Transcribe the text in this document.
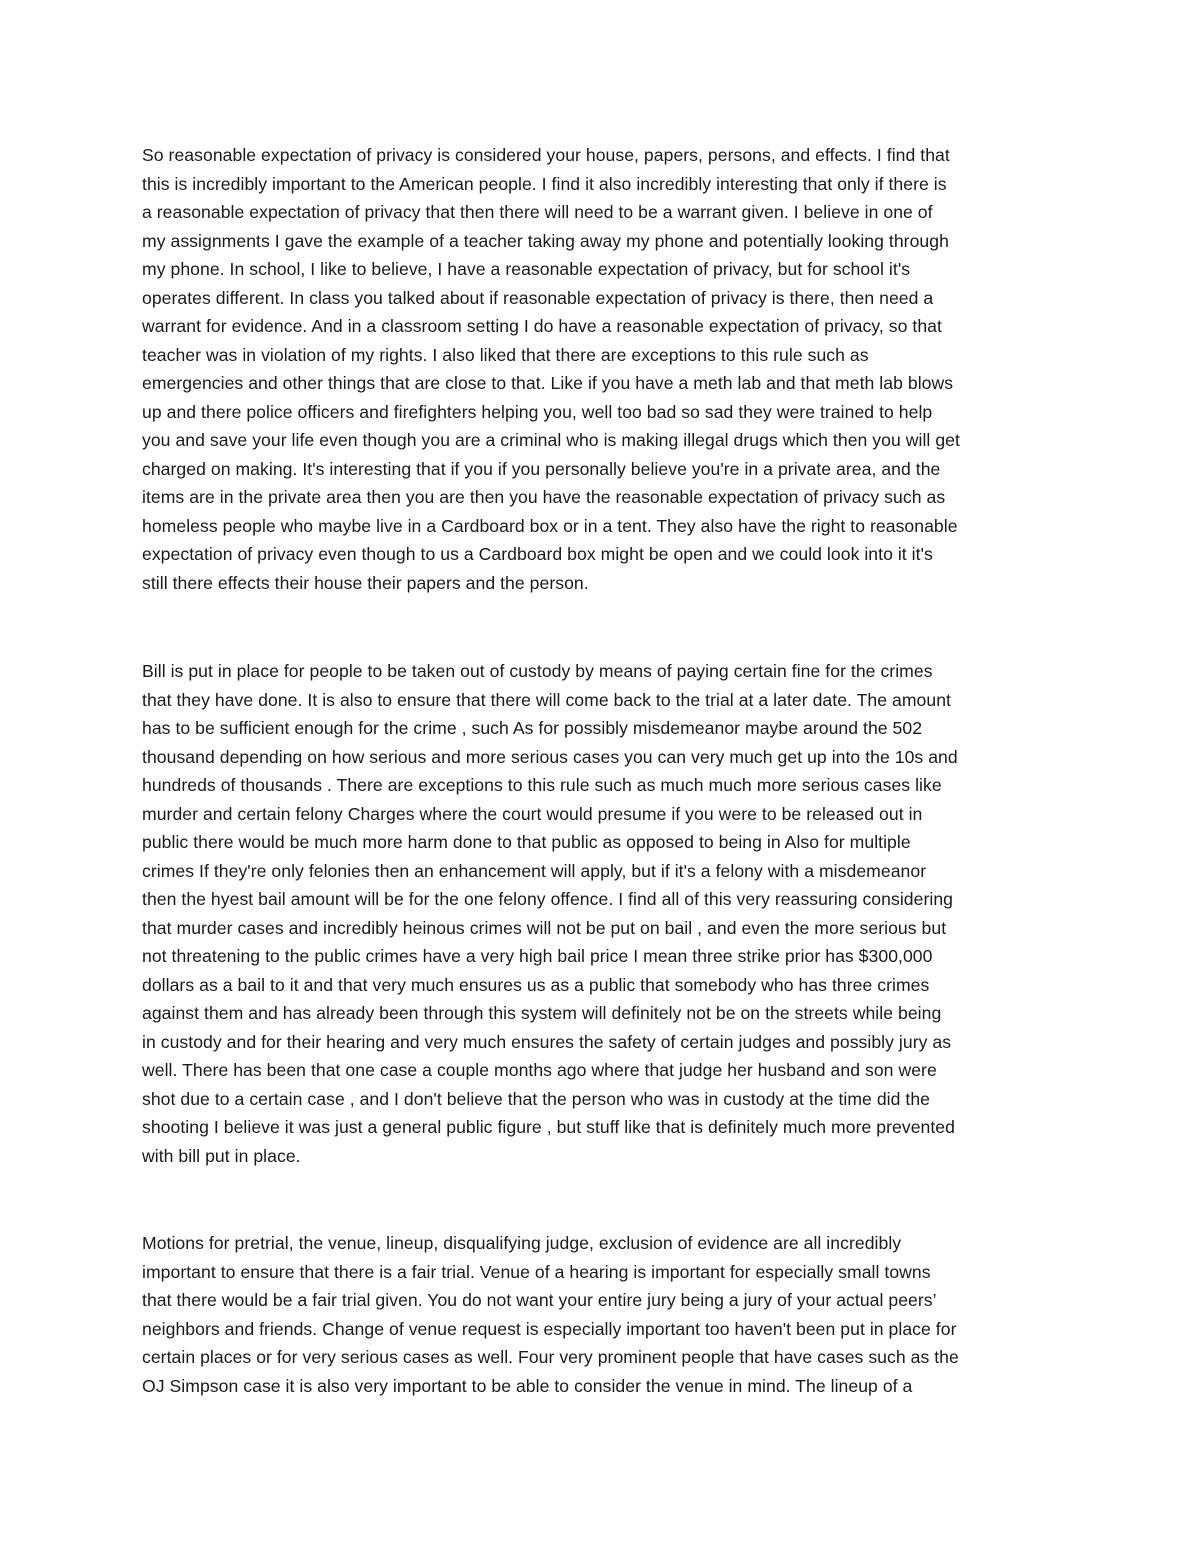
So reasonable expectation of privacy is considered your house, papers, persons, and effects. I find that
this is incredibly important to the American people. I find it also incredibly interesting that only if there is
a reasonable expectation of privacy that then there will need to be a warrant given. I believe in one of
my assignments I gave the example of a teacher taking away my phone and potentially looking through
my phone. In school, I like to believe, I have a reasonable expectation of privacy, but for school it's
operates different. In class you talked about if reasonable expectation of privacy is there, then need a
warrant for evidence. And in a classroom setting I do have a reasonable expectation of privacy, so that
teacher was in violation of my rights. I also liked that there are exceptions to this rule such as
emergencies and other things that are close to that. Like if you have a meth lab and that meth lab blows
up and there police officers and firefighters helping you, well too bad so sad they were trained to help
you and save your life even though you are a criminal who is making illegal drugs which then you will get
charged on making. It's interesting that if you if you personally believe you're in a private area, and the
items are in the private area then you are then you have the reasonable expectation of privacy such as
homeless people who maybe live in a Cardboard box or in a tent. They also have the right to reasonable
expectation of privacy even though to us a Cardboard box might be open and we could look into it it's
still there effects their house their papers and the person.
Bill is put in place for people to be taken out of custody by means of paying certain fine for the crimes
that they have done. It is also to ensure that there will come back to the trial at a later date. The amount
has to be sufficient enough for the crime , such As for possibly misdemeanor maybe around the 502
thousand depending on how serious and more serious cases you can very much get up into the 10s and
hundreds of thousands . There are exceptions to this rule such as much much more serious cases like
murder and certain felony Charges where the court would presume if you were to be released out in
public there would be much more harm done to that public as opposed to being in Also for multiple
crimes If they're only felonies then an enhancement will apply, but if it's a felony with a misdemeanor
then the hyest bail amount will be for the one felony offence. I find all of this very reassuring considering
that murder cases and incredibly heinous crimes will not be put on bail , and even the more serious but
not threatening to the public crimes have a very high bail price I mean three strike prior has $300,000
dollars as a bail to it and that very much ensures us as a public that somebody who has three crimes
against them and has already been through this system will definitely not be on the streets while being
in custody and for their hearing and very much ensures the safety of certain judges and possibly jury as
well. There has been that one case a couple months ago where that judge her husband and son were
shot due to a certain case , and I don't believe that the person who was in custody at the time did the
shooting I believe it was just a general public figure , but stuff like that is definitely much more prevented
with bill put in place.
Motions for pretrial, the venue, lineup, disqualifying judge, exclusion of evidence are all incredibly
important to ensure that there is a fair trial. Venue of a hearing is important for especially small towns
that there would be a fair trial given. You do not want your entire jury being a jury of your actual peers’
neighbors and friends. Change of venue request is especially important too haven't been put in place for
certain places or for very serious cases as well. Four very prominent people that have cases such as the
OJ Simpson case it is also very important to be able to consider the venue in mind. The lineup of a
